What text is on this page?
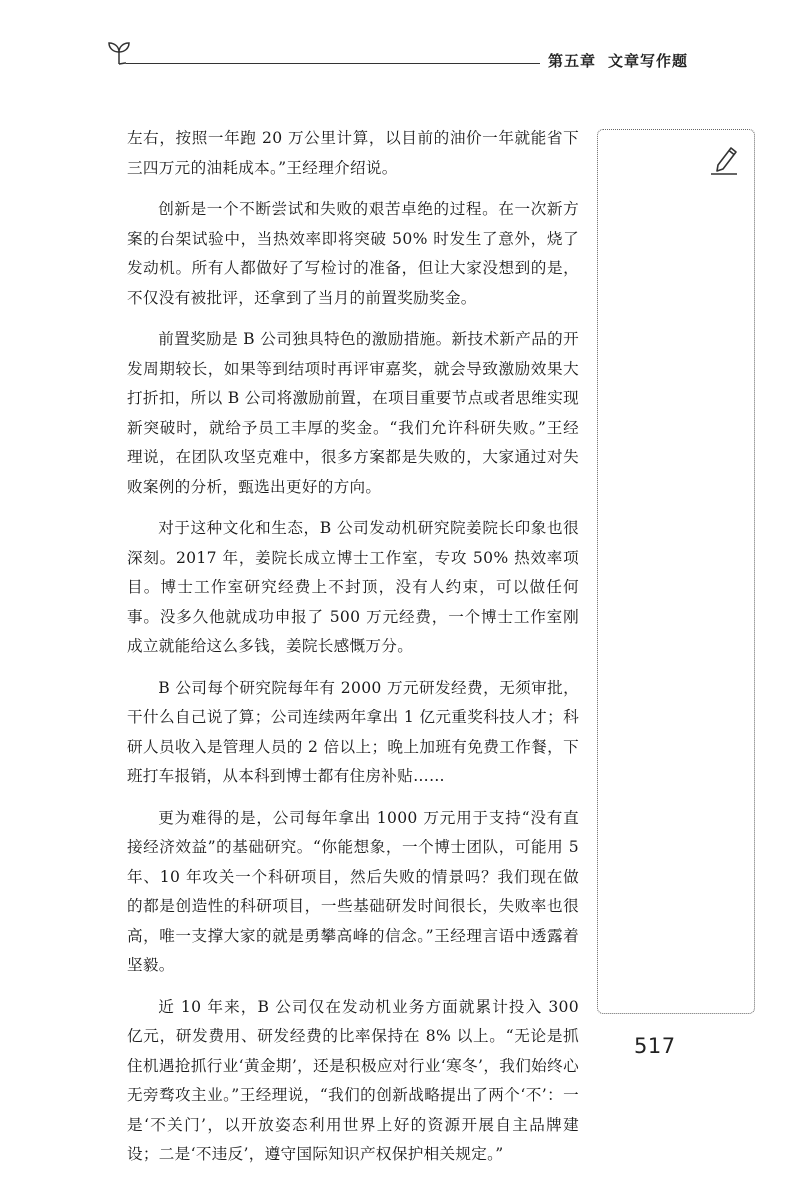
第五章 文章写作题

左右，按照一年跑 20 万公里计算，以目前的油价一年就能省下三四万元的油耗成本。”王经理介绍说。

创新是一个不断尝试和失败的艰苦卓绝的过程。在一次新方案的台架试验中，当热效率即将突破 50% 时发生了意外，烧了发动机。所有人都做好了写检讨的准备，但让大家没想到的是，不仅没有被批评，还拿到了当月的前置奖励奖金。

前置奖励是 B 公司独具特色的激励措施。新技术新产品的开发周期较长，如果等到结项时再评审嘉奖，就会导致激励效果大打折扣，所以 B 公司将激励前置，在项目重要节点或者思维实现新突破时，就给予员工丰厚的奖金。“我们允许科研失败。”王经理说，在团队攻坚克难中，很多方案都是失败的，大家通过对失败案例的分析，甄选出更好的方向。

对于这种文化和生态，B 公司发动机研究院姜院长印象也很深刻。2017 年，姜院长成立博士工作室，专攻 50% 热效率项目。博士工作室研究经费上不封顶，没有人约束，可以做任何事。没多久他就成功申报了 500 万元经费，一个博士工作室刚成立就能给这么多钱，姜院长感慨万分。

B 公司每个研究院每年有 2000 万元研发经费，无须审批，干什么自己说了算；公司连续两年拿出 1 亿元重奖科技人才；科研人员收入是管理人员的 2 倍以上；晚上加班有免费工作餐，下班打车报销，从本科到博士都有住房补贴……

更为难得的是，公司每年拿出 1000 万元用于支持“没有直接经济效益”的基础研究。“你能想象，一个博士团队，可能用 5 年、10 年攻关一个科研项目，然后失败的情景吗？我们现在做的都是创造性的科研项目，一些基础研发时间很长，失败率也很高，唯一支撑大家的就是勇攀高峰的信念。”王经理言语中透露着坚毅。

近 10 年来，B 公司仅在发动机业务方面就累计投入 300 亿元，研发费用、研发经费的比率保持在 8% 以上。“无论是抓住机遇抢抓行业‘黄金期’，还是积极应对行业‘寒冬’，我们始终心无旁骛攻主业。”王经理说，“我们的创新战略提出了两个‘不’：一是‘不关门’，以开放姿态利用世界上好的资源开展自主品牌建设；二是‘不违反’，遵守国际知识产权保护相关规定。”

517
